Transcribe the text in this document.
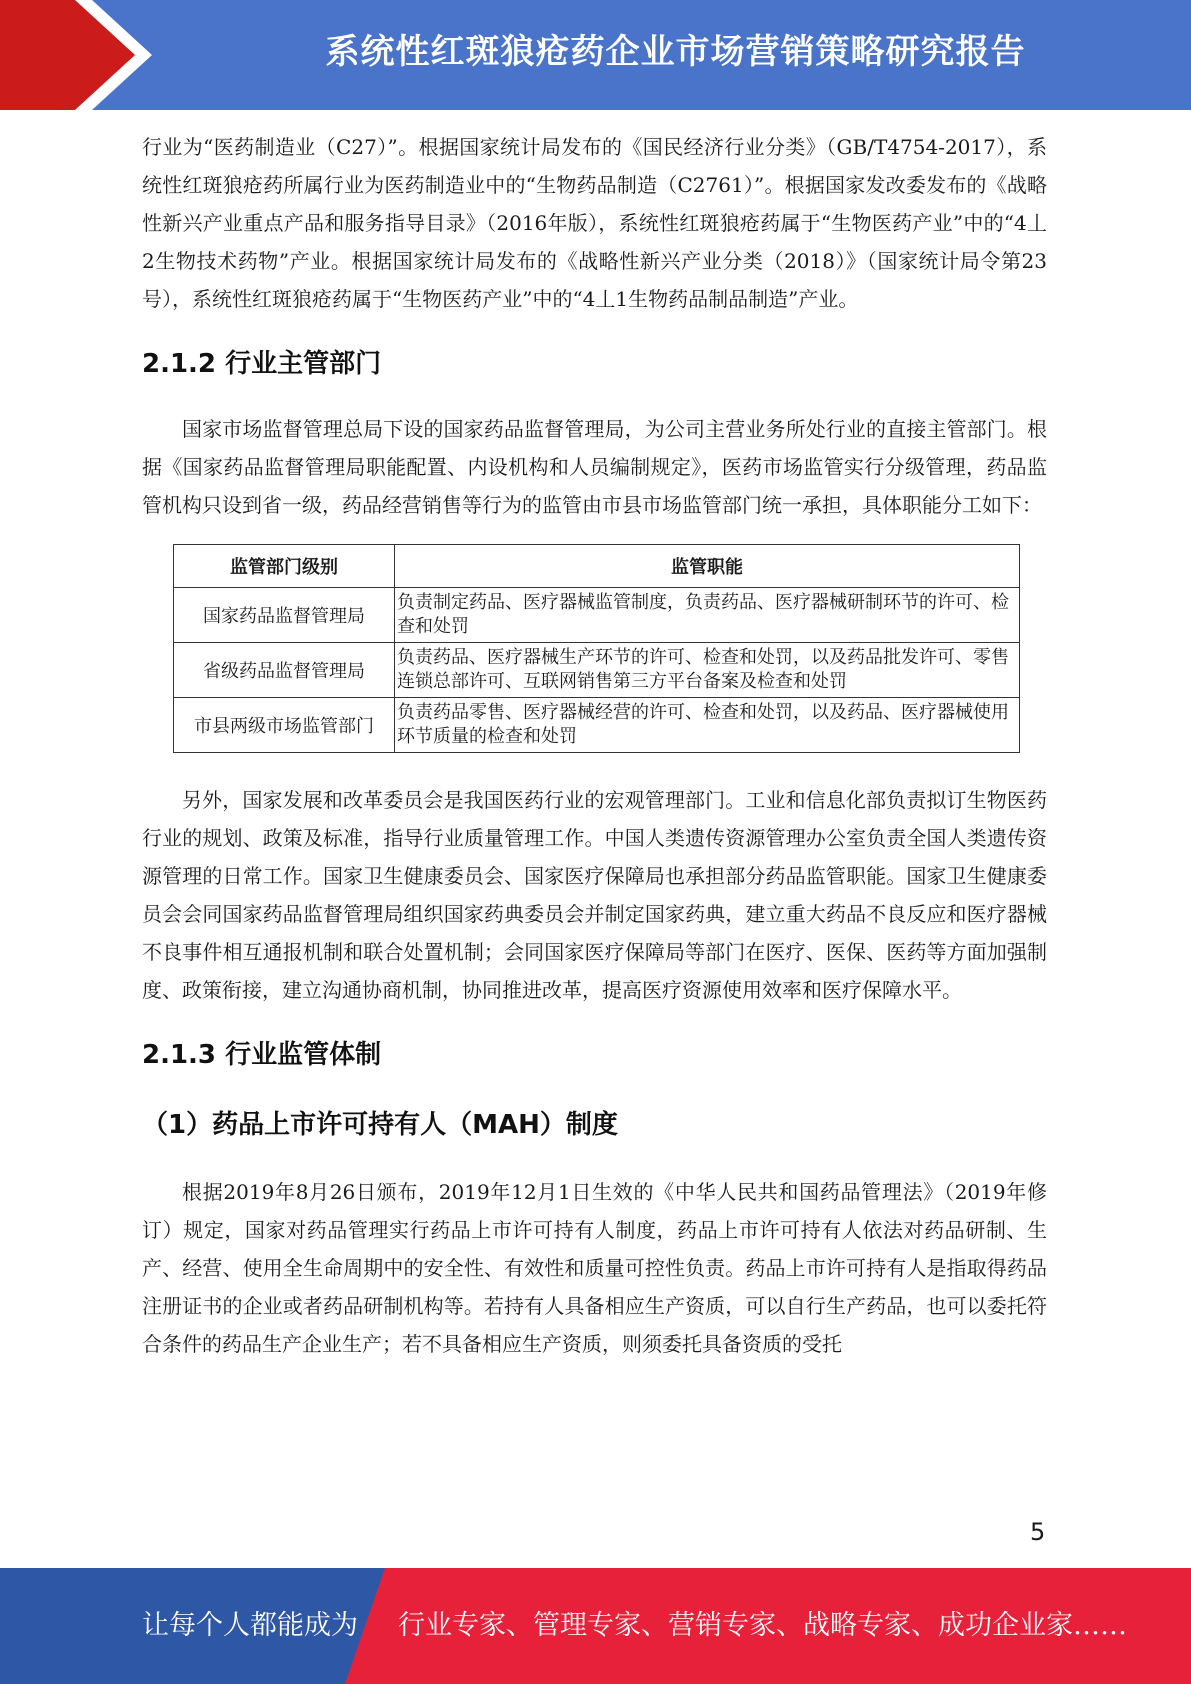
系统性红斑狼疮药企业市场营销策略研究报告

行业为“医药制造业（C27）”。根据国家统计局发布的《国民经济行业分类》（GB/T4754-2017），系统性红斑狼疮药所属行业为医药制造业中的“生物药品制造（C2761）”。根据国家发改委发布的《战略性新兴产业重点产品和服务指导目录》（2016年版），系统性红斑狼疮药属于“生物医药产业”中的“4丄2生物技术药物”产业。根据国家统计局发布的《战略性新兴产业分类（2018）》（国家统计局令第23号），系统性红斑狼疮药属于“生物医药产业”中的“4丄1生物药品制品制造”产业。

2.1.2 行业主管部门

国家市场监督管理总局下设的国家药品监督管理局，为公司主营业务所处行业的直接主管部门。根据《国家药品监督管理局职能配置、内设机构和人员编制规定》，医药市场监管实行分级管理，药品监管机构只设到省一级，药品经营销售等行为的监管由市县市场监管部门统一承担，具体职能分工如下：

监管部门级别	监管职能
国家药品监督管理局	负责制定药品、医疗器械监管制度，负责药品、医疗器械研制环节的许可、检查和处罚
省级药品监督管理局	负责药品、医疗器械生产环节的许可、检查和处罚，以及药品批发许可、零售连锁总部许可、互联网销售第三方平台备案及检查和处罚
市县两级市场监管部门	负责药品零售、医疗器械经营的许可、检查和处罚，以及药品、医疗器械使用环节质量的检查和处罚

另外，国家发展和改革委员会是我国医药行业的宏观管理部门。工业和信息化部负责拟订生物医药行业的规划、政策及标准，指导行业质量管理工作。中国人类遗传资源管理办公室负责全国人类遗传资源管理的日常工作。国家卫生健康委员会、国家医疗保障局也承担部分药品监管职能。国家卫生健康委员会会同国家药品监督管理局组织国家药典委员会并制定国家药典，建立重大药品不良反应和医疗器械不良事件相互通报机制和联合处置机制；会同国家医疗保障局等部门在医疗、医保、医药等方面加强制度、政策衔接，建立沟通协商机制，协同推进改革，提高医疗资源使用效率和医疗保障水平。

2.1.3 行业监管体制
（1）药品上市许可持有人（MAH）制度

根据2019年8月26日颁布，2019年12月1日生效的《中华人民共和国药品管理法》（2019年修订）规定，国家对药品管理实行药品上市许可持有人制度，药品上市许可持有人依法对药品研制、生产、经营、使用全生命周期中的安全性、有效性和质量可控性负责。药品上市许可持有人是指取得药品注册证书的企业或者药品研制机构等。若持有人具备相应生产资质，可以自行生产药品，也可以委托符合条件的药品生产企业生产；若不具备相应生产资质，则须委托具备资质的受托

5
让每个人都能成为 行业专家、管理专家、营销专家、战略专家、成功企业家……
